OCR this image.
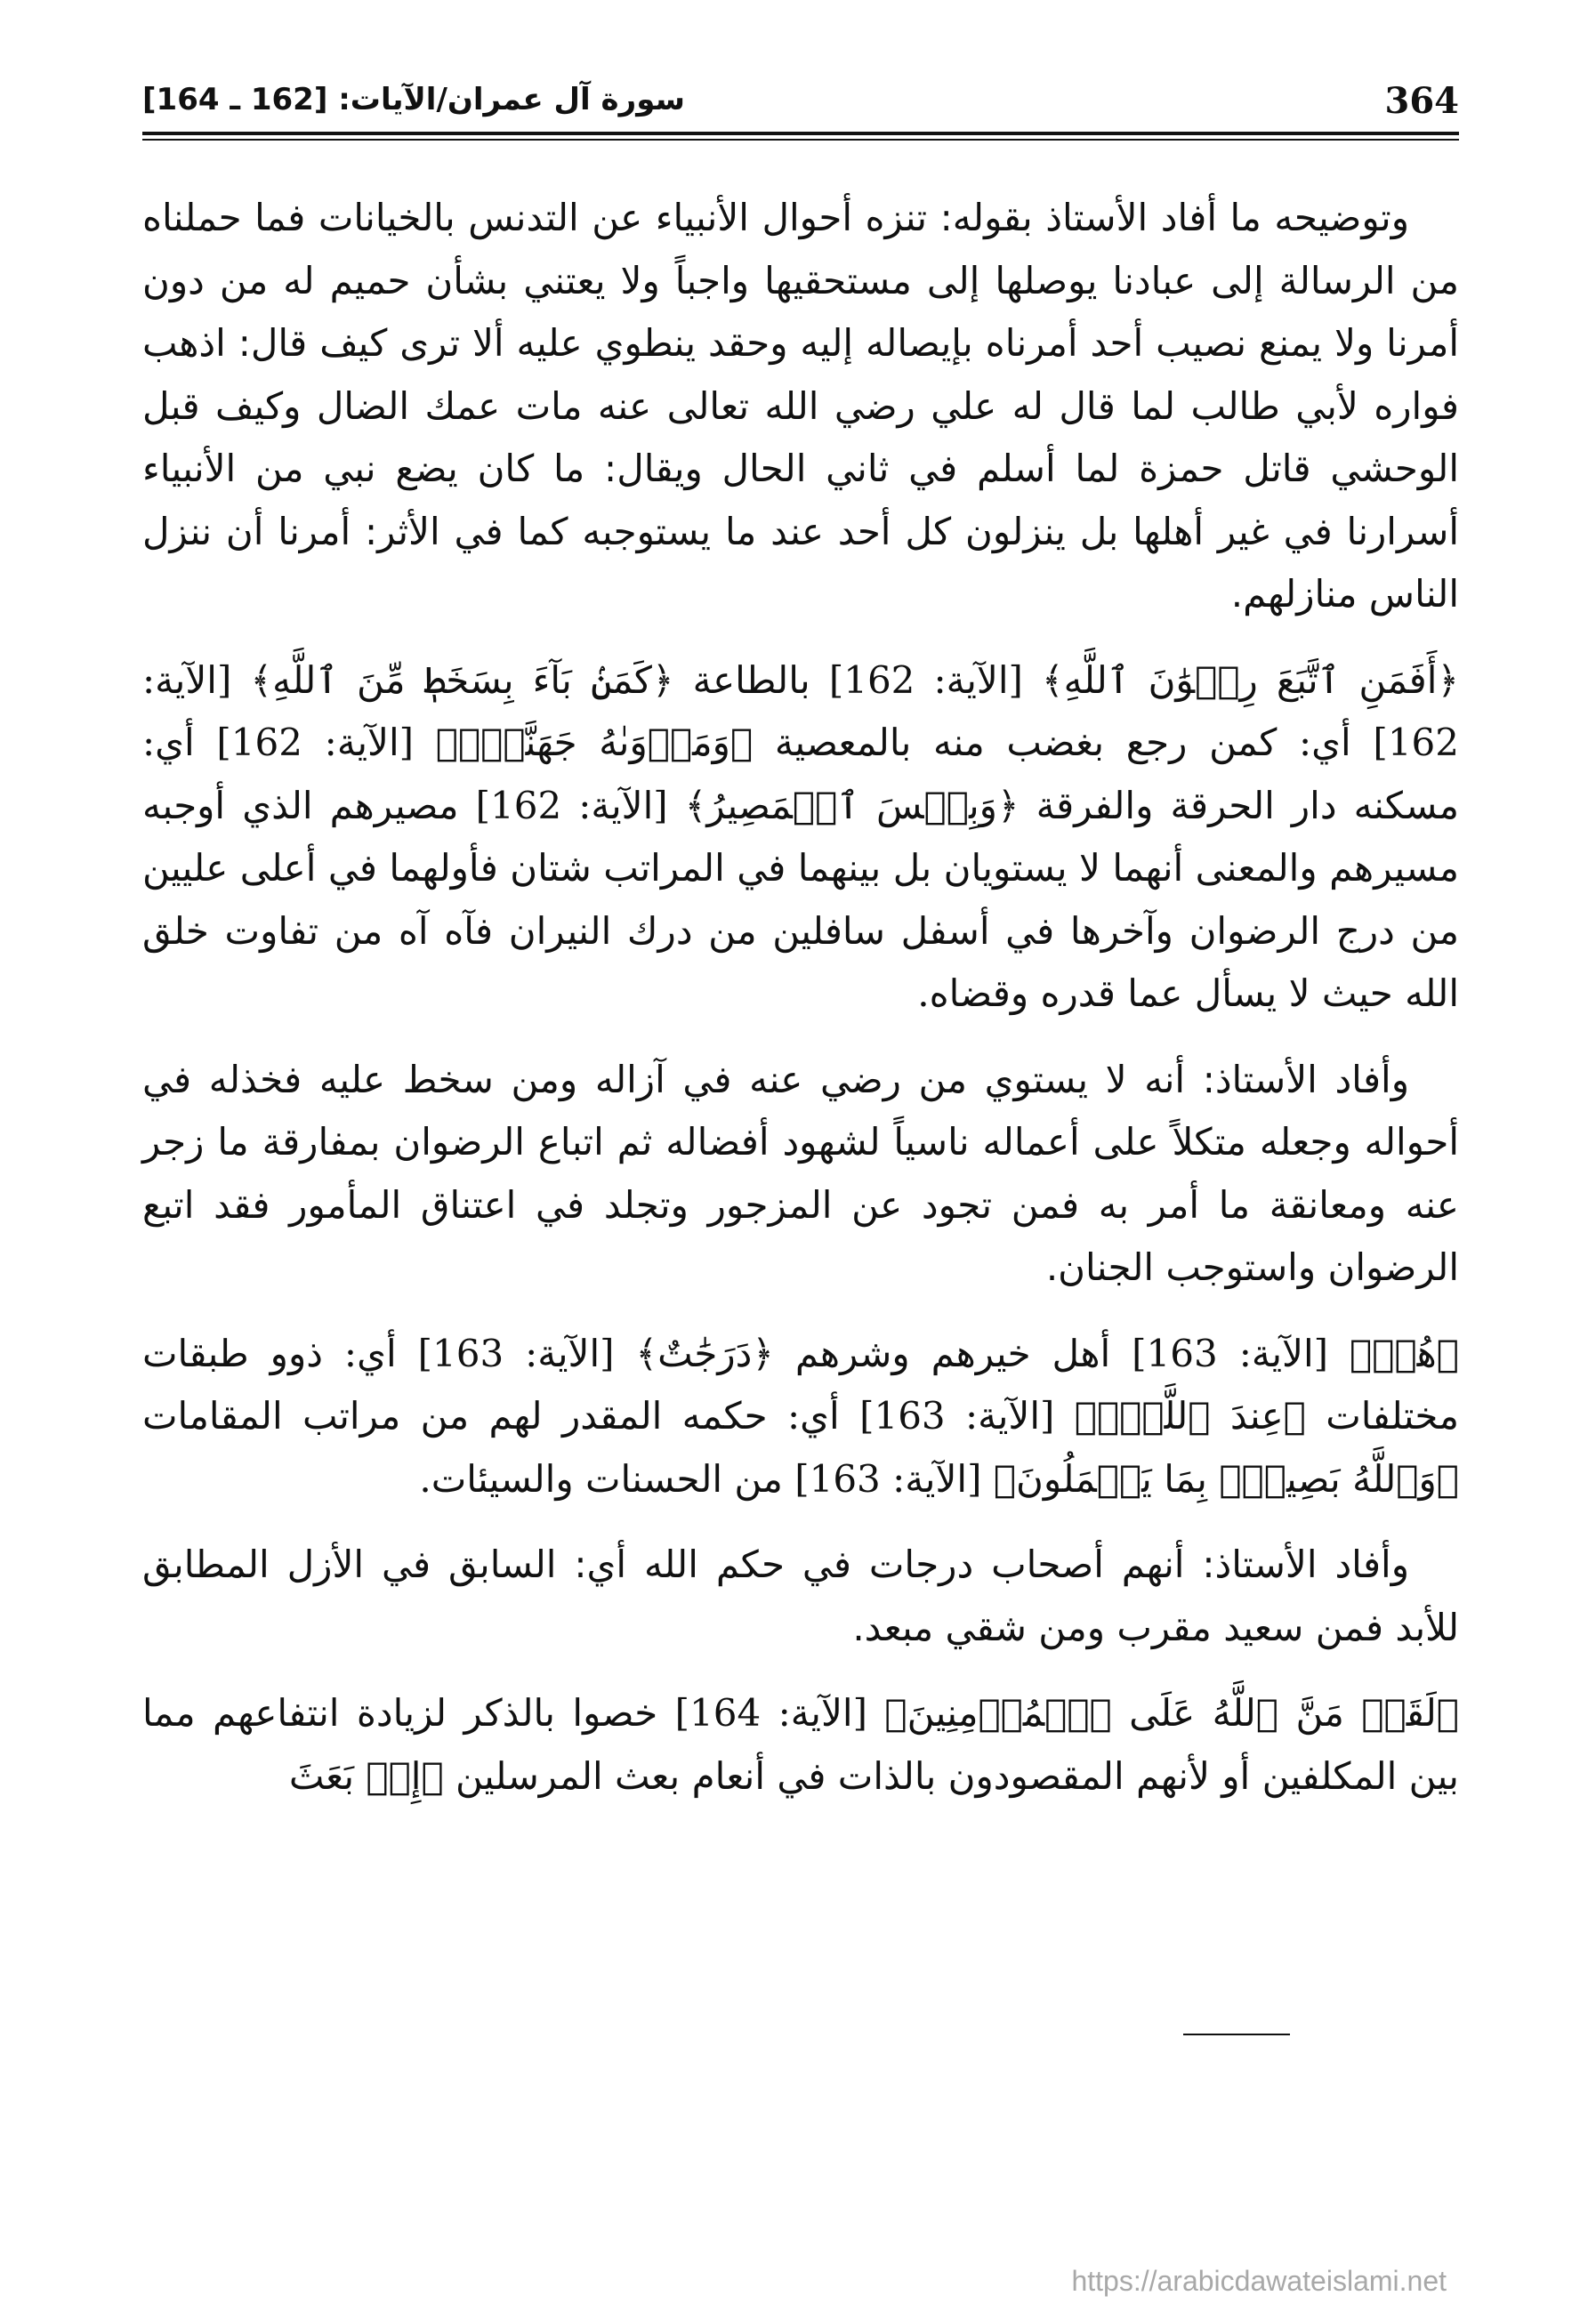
364
سورة آل عمران/الآيات: [162 ـ 164]

وتوضيحه ما أفاد الأستاذ بقوله: تنزه أحوال الأنبياء عن التدنس بالخيانات فما حملناه من الرسالة إلى عبادنا يوصلها إلى مستحقيها واجباً ولا يعتني بشأن حميم له من دون أمرنا ولا يمنع نصيب أحد أمرناه بإيصاله إليه وحقد ينطوي عليه ألا ترى كيف قال: اذهب فواره لأبي طالب لما قال له علي رضي الله تعالى عنه مات عمك الضال وكيف قبل الوحشي قاتل حمزة لما أسلم في ثاني الحال ويقال: ما كان يضع نبي من الأنبياء أسرارنا في غير أهلها بل ينزلون كل أحد عند ما يستوجبه كما في الأثر: أمرنا أن ننزل الناس منازلهم.

﴿أَفَمَنِ ٱتَّبَعَ رِضۡوَٰنَ ٱللَّهِ﴾ [الآية: 162] بالطاعة ﴿كَمَنۢ بَآءَ بِسَخَطٖ مِّنَ ٱللَّهِ﴾ [الآية: 162] أي: كمن رجع بغضب منه بالمعصية ﴿وَمَأۡوَىٰهُ جَهَنَّمُۖ﴾ [الآية: 162] أي: مسكنه دار الحرقة والفرقة ﴿وَبِئۡسَ ٱلۡمَصِيرُ﴾ [الآية: 162] مصيرهم الذي أوجبه مسيرهم والمعنى أنهما لا يستويان بل بينهما في المراتب شتان فأولهما في أعلى عليين من درج الرضوان وآخرها في أسفل سافلين من درك النيران فآه آه من تفاوت خلق الله حيث لا يسأل عما قدره وقضاه.

وأفاد الأستاذ: أنه لا يستوي من رضي عنه في آزاله ومن سخط عليه فخذله في أحواله وجعله متكلاً على أعماله ناسياً لشهود أفضاله ثم اتباع الرضوان بمفارقة ما زجر عنه ومعانقة ما أمر به فمن تجود عن المزجور وتجلد في اعتناق المأمور فقد اتبع الرضوان واستوجب الجنان.

﴿هُمۡ﴾ [الآية: 163] أهل خيرهم وشرهم ﴿دَرَجَٰتٌ﴾ [الآية: 163] أي: ذوو طبقات مختلفات ﴿عِندَ ٱللَّهِۗ﴾ [الآية: 163] أي: حكمه المقدر لهم من مراتب المقامات ﴿وَٱللَّهُ بَصِيرُۢ بِمَا يَعۡمَلُونَ﴾ [الآية: 163] من الحسنات والسيئات.

وأفاد الأستاذ: أنهم أصحاب درجات في حكم الله أي: السابق في الأزل المطابق للأبد فمن سعيد مقرب ومن شقي مبعد.

﴿لَقَدۡ مَنَّ ٱللَّهُ عَلَى ٱلۡمُؤۡمِنِينَ﴾ [الآية: 164] خصوا بالذكر لزيادة انتفاعهم مما بين المكلفين أو لأنهم المقصودون بالذات في أنعام بعث المرسلين ﴿إِذۡ بَعَثَ

https://arabicdawateislami.net
